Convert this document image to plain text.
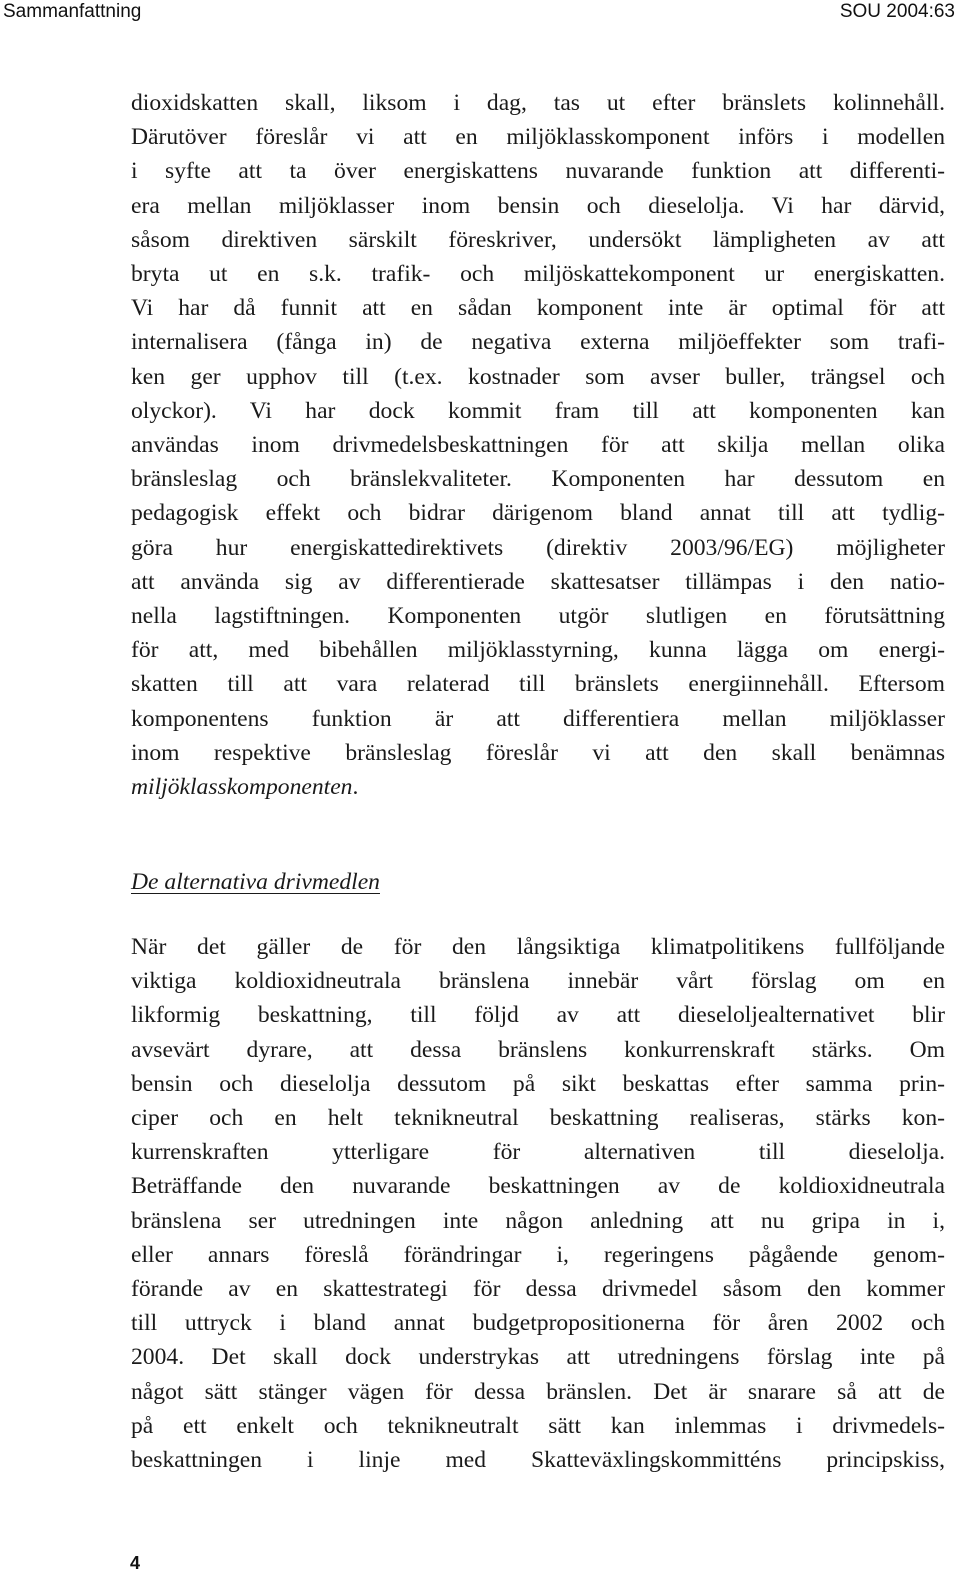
Sammanfattning	SOU 2004:63
dioxidskatten skall, liksom i dag, tas ut efter bränslets kolinnehåll.
Därutöver föreslår vi att en miljöklasskomponent införs i modellen
i syfte att ta över energiskattens nuvarande funktion att differenti-
era mellan miljöklasser inom bensin och dieselolja. Vi har därvid,
såsom direktiven särskilt föreskriver, undersökt lämpligheten av att
bryta ut en s.k. trafik- och miljöskattekomponent ur energiskatten.
Vi har då funnit att en sådan komponent inte är optimal för att
internalisera (fånga in) de negativa externa miljöeffekter som trafi-
ken ger upphov till (t.ex. kostnader som avser buller, trängsel och
olyckor). Vi har dock kommit fram till att komponenten kan
användas inom drivmedelsbeskattningen för att skilja mellan olika
bränsleslag och bränslekvaliteter. Komponenten har dessutom en
pedagogisk effekt och bidrar därigenom bland annat till att tydlig-
göra hur energiskattedirektivets (direktiv 2003/96/EG) möjligheter
att använda sig av differentierade skattesatser tillämpas i den natio-
nella lagstiftningen. Komponenten utgör slutligen en förutsättning
för att, med bibehållen miljöklasstyrning, kunna lägga om energi-
skatten till att vara relaterad till bränslets energiinnehåll. Eftersom
komponentens funktion är att differentiera mellan miljöklasser
inom respektive bränsleslag föreslår vi att den skall benämnas
miljöklasskomponenten.
De alternativa drivmedlen
När det gäller de för den långsiktiga klimatpolitikens fullföljande
viktiga koldioxidneutrala bränslena innebär vårt förslag om en
likformig beskattning, till följd av att dieseloljealternativet blir
avsevärt dyrare, att dessa bränslens konkurrenskraft stärks. Om
bensin och dieselolja dessutom på sikt beskattas efter samma prin-
ciper och en helt teknikneutral beskattning realiseras, stärks kon-
kurrenskraften ytterligare för alternativen till dieselolja.
Beträffande den nuvarande beskattningen av de koldioxidneutrala
bränslena ser utredningen inte någon anledning att nu gripa in i,
eller annars föreslå förändringar i, regeringens pågående genom-
förande av en skattestrategi för dessa drivmedel såsom den kommer
till uttryck i bland annat budgetpropositionerna för åren 2002 och
2004. Det skall dock understrykas att utredningens förslag inte på
något sätt stänger vägen för dessa bränslen. Det är snarare så att de
på ett enkelt och teknikneutralt sätt kan inlemmas i drivmedels-
beskattningen i linje med Skatteväxlingskommitténs principskiss,
4
